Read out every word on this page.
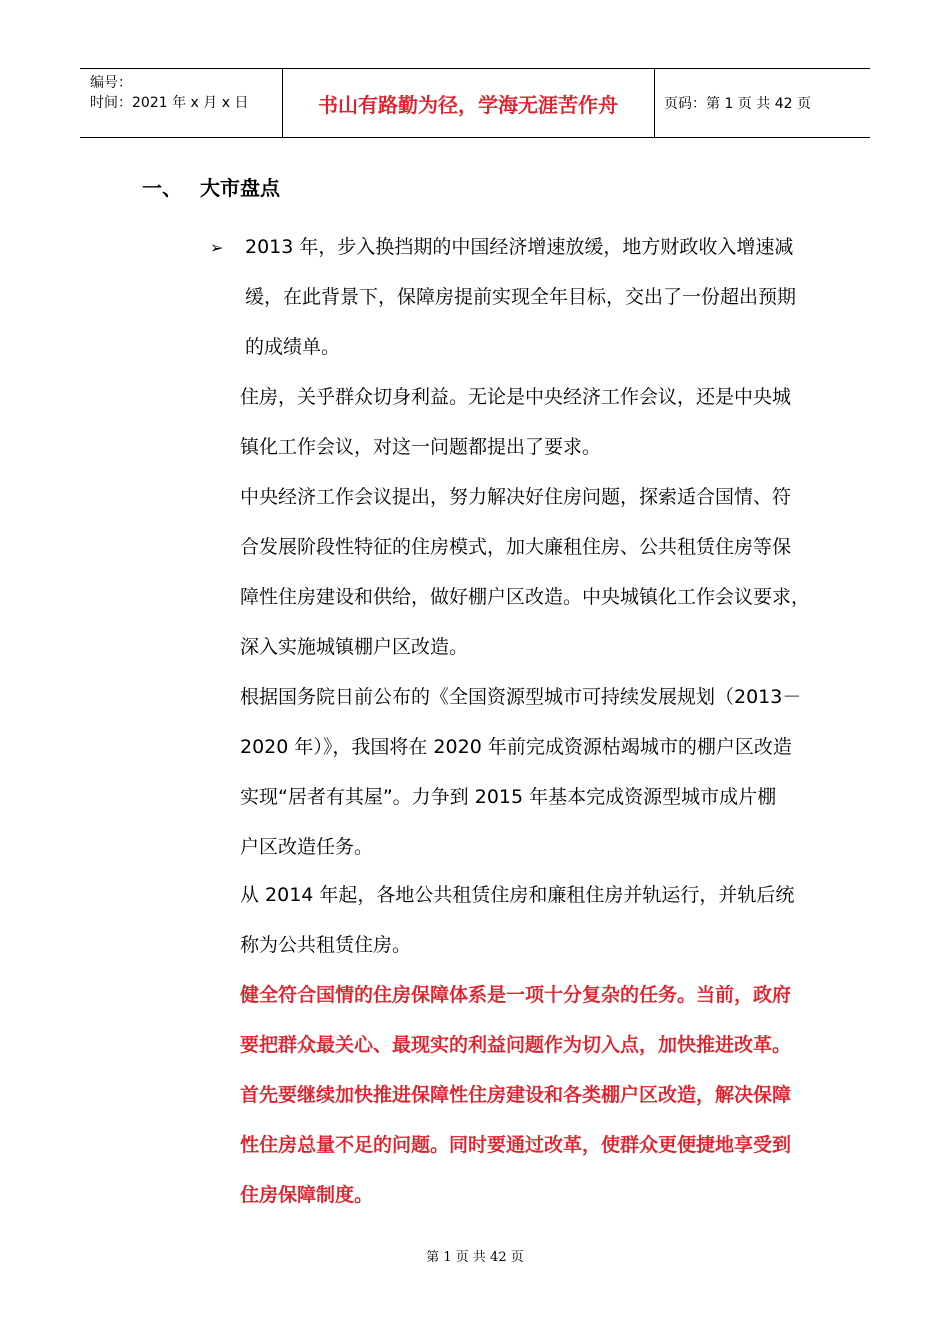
编号：
时间：2021 年 x 月 x 日	书山有路勤为径，学海无涯苦作舟	页码：第 1 页 共 42 页
一、 大市盘点
➢ 2013 年，步入换挡期的中国经济增速放缓，地方财政收入增速减
缓，在此背景下，保障房提前实现全年目标，交出了一份超出预期
的成绩单。
住房，关乎群众切身利益。无论是中央经济工作会议，还是中央城
镇化工作会议，对这一问题都提出了要求。
中央经济工作会议提出，努力解决好住房问题，探索适合国情、符
合发展阶段性特征的住房模式，加大廉租住房、公共租赁住房等保
障性住房建设和供给，做好棚户区改造。中央城镇化工作会议要求，
深入实施城镇棚户区改造。
根据国务院日前公布的《全国资源型城市可持续发展规划（2013－
2020 年）》，我国将在 2020 年前完成资源枯竭城市的棚户区改造
实现“居者有其屋”。力争到 2015 年基本完成资源型城市成片棚
户区改造任务。
从 2014 年起，各地公共租赁住房和廉租住房并轨运行，并轨后统
称为公共租赁住房。
健全符合国情的住房保障体系是一项十分复杂的任务。当前，政府
要把群众最关心、最现实的利益问题作为切入点，加快推进改革。
首先要继续加快推进保障性住房建设和各类棚户区改造，解决保障
性住房总量不足的问题。同时要通过改革，使群众更便捷地享受到
住房保障制度。
第 1 页 共 42 页
